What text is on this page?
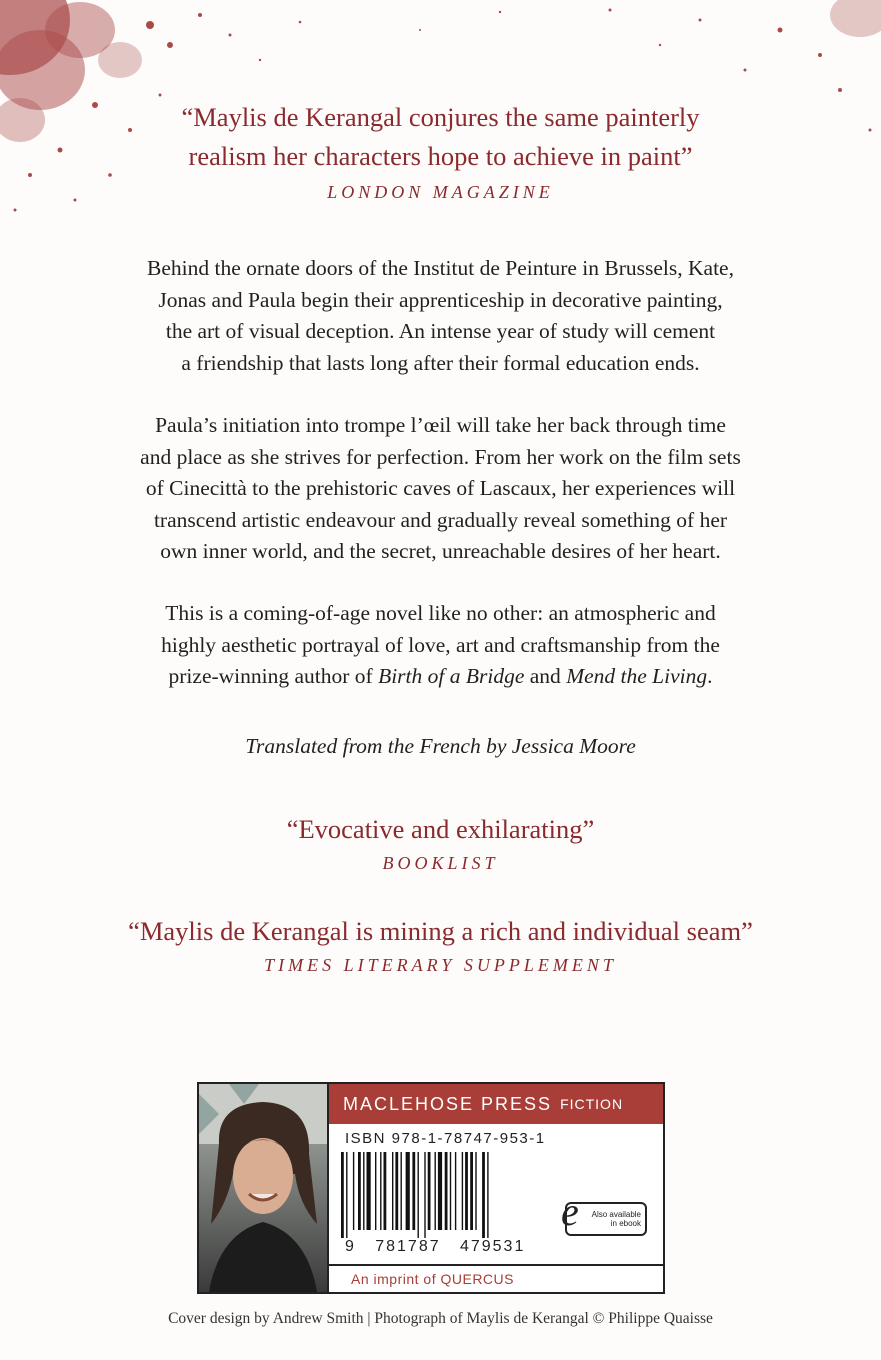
“Maylis de Kerangal conjures the same painterly

realism her characters hope to achieve in paint”

LONDON MAGAZINE

Behind the ornate doors of the Institut de Peinture in Brussels, Kate,

Jonas and Paula begin their apprenticeship in decorative painting,

the art of visual deception. An intense year of study will cement

a friendship that lasts long after their formal education ends.

Paula’s initiation into trompe l’œil will take her back through time

and place as she strives for perfection. From her work on the film sets

of Cinecittà to the prehistoric caves of Lascaux, her experiences will

transcend artistic endeavour and gradually reveal something of her

own inner world, and the secret, unreachable desires of her heart.

This is a coming-of-age novel like no other: an atmospheric and

highly aesthetic portrayal of love, art and craftsmanship from the

prize-winning author of Birth of a Bridge and Mend the Living.

Translated from the French by Jessica Moore

“Evocative and exhilarating”

BOOKLIST

“Maylis de Kerangal is mining a rich and individual seam”

TIMES LITERARY SUPPLEMENT

MACLEHOSE PRESS FICTION
ISBN 978-1-78747-953-1
9   781787   479531
e	Also available
in ebook
An imprint of QUERCUS
Cover design by Andrew Smith | Photograph of Maylis de Kerangal © Philippe Quaisse
